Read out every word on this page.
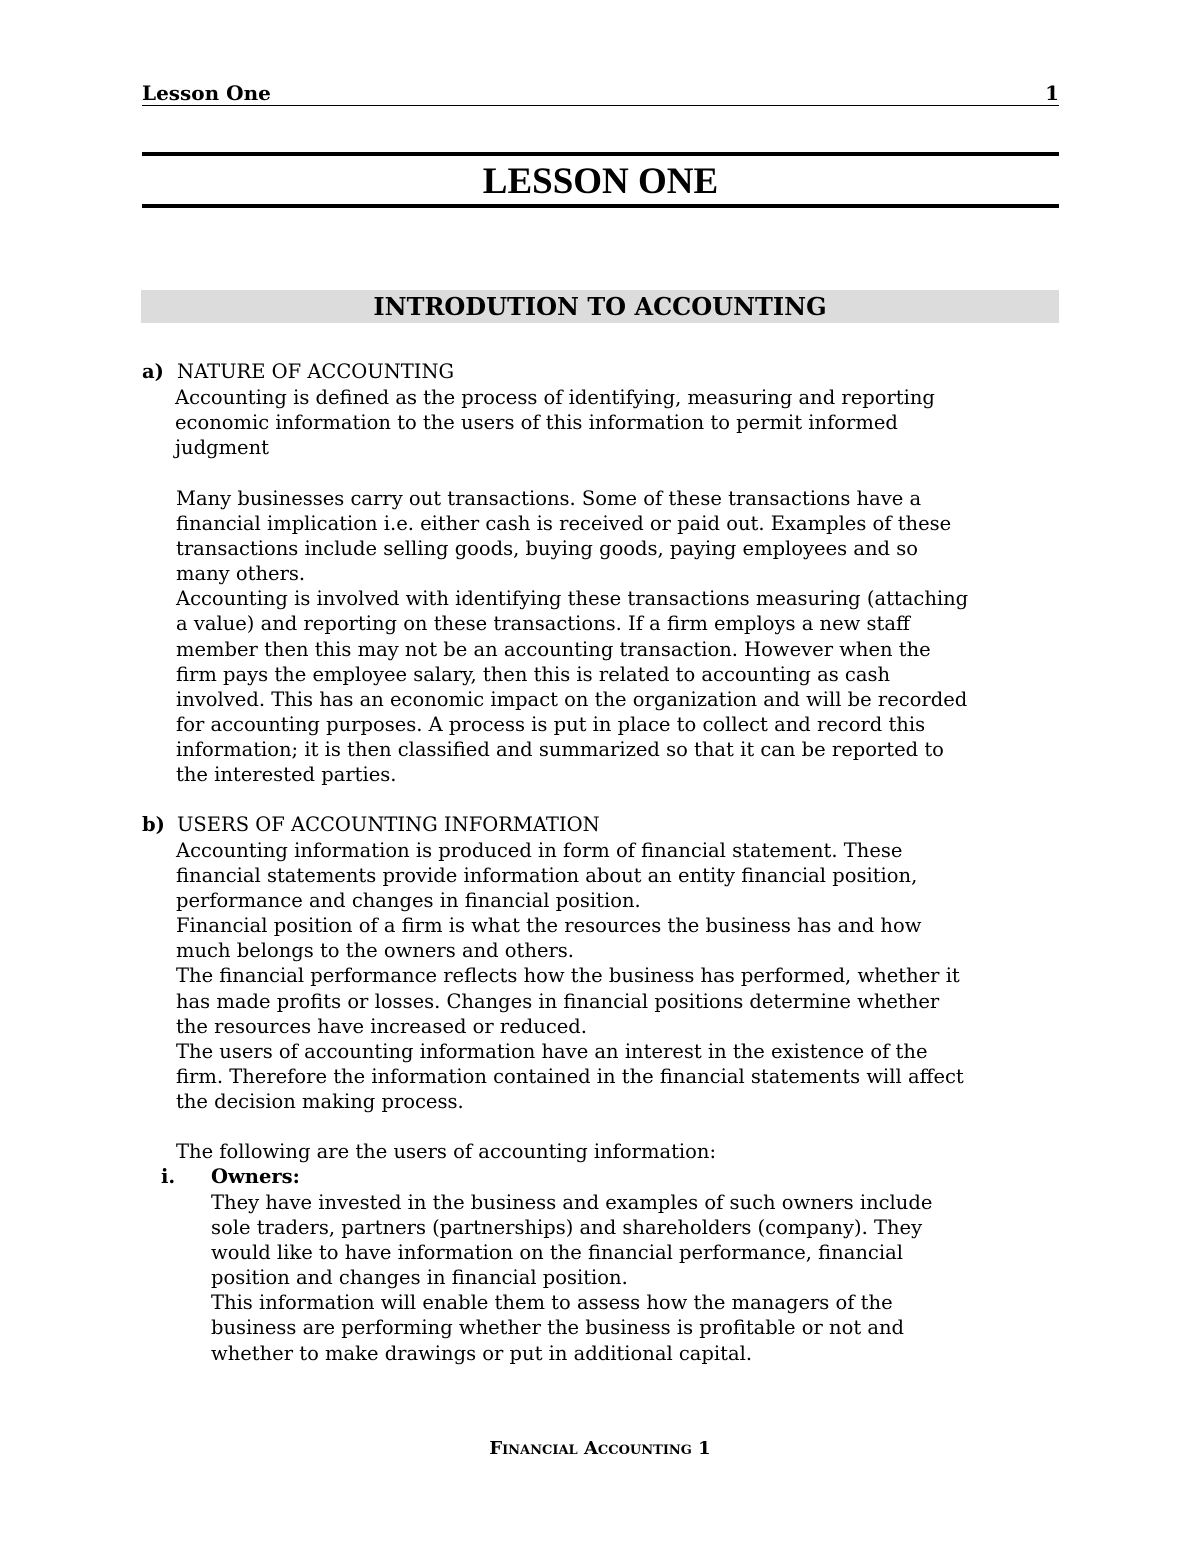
Lesson One	1
LESSON ONE
INTRODUTION TO ACCOUNTING
a) NATURE OF ACCOUNTING
Accounting is defined as the process of identifying, measuring and reporting
economic information to the users of this information to permit informed
judgment
Many businesses carry out transactions. Some of these transactions have a
financial implication i.e. either cash is received or paid out. Examples of these
transactions include selling goods, buying goods, paying employees and so
many others.
Accounting is involved with identifying these transactions measuring (attaching
a value) and reporting on these transactions. If a firm employs a new staff
member then this may not be an accounting transaction. However when the
firm pays the employee salary, then this is related to accounting as cash
involved. This has an economic impact on the organization and will be recorded
for accounting purposes. A process is put in place to collect and record this
information; it is then classified and summarized so that it can be reported to
the interested parties.
b) USERS OF ACCOUNTING INFORMATION
Accounting information is produced in form of financial statement. These
financial statements provide information about an entity financial position,
performance and changes in financial position.
Financial position of a firm is what the resources the business has and how
much belongs to the owners and others.
The financial performance reflects how the business has performed, whether it
has made profits or losses. Changes in financial positions determine whether
the resources have increased or reduced.
The users of accounting information have an interest in the existence of the
firm. Therefore the information contained in the financial statements will affect
the decision making process.
The following are the users of accounting information:
i. Owners:
They have invested in the business and examples of such owners include
sole traders, partners (partnerships) and shareholders (company). They
would like to have information on the financial performance, financial
position and changes in financial position.
This information will enable them to assess how the managers of the
business are performing whether the business is profitable or not and
whether to make drawings or put in additional capital.
Financial Accounting 1
